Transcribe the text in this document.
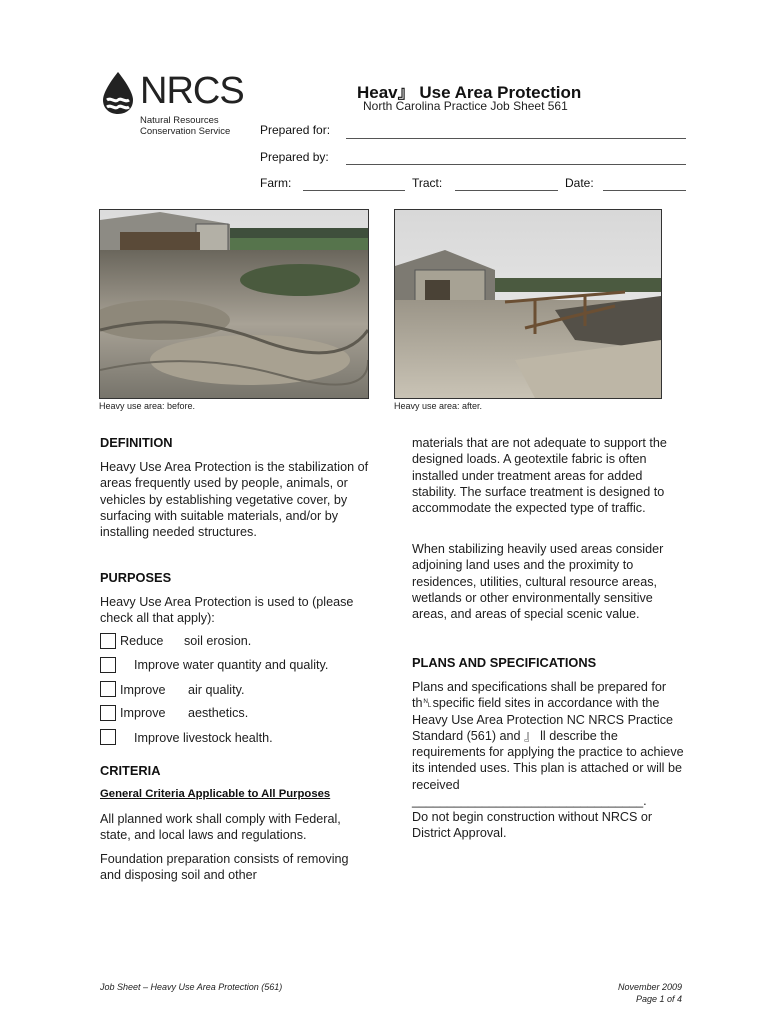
NRCS
Natural Resources
Conservation Service
Heav』 Use Area Protection
North Carolina Practice Job Sheet 561
Prepared for:
Prepared by:
Farm:	Tract:	Date:
Heavy use area: before.	Heavy use area: after.
DEFINITION

Heavy Use Area Protection is the stabilization of areas frequently used by people, animals, or vehicles by establishing vegetative cover, by surfacing with suitable materials, and/or by installing needed structures.

PURPOSES

Heavy Use Area Protection is used to (please check all that apply):

Reduce soil erosion.
Improve water quantity and quality.
Improve air quality.
Improve aesthetics.
Improve livestock health.
CRITERIA
General Criteria Applicable to All Purposes

All planned work shall comply with Federal, state, and local laws and regulations.

Foundation preparation consists of removing and disposing soil and other

materials that are not adequate to support the designed loads. A geotextile fabric is often installed under treatment areas for added stability. The surface treatment is designed to accommodate the expected type of traffic.

When stabilizing heavily used areas consider adjoining land uses and the proximity to residences, utilities, cultural resource areas, wetlands or other environmentally sensitive areas, and areas of special scenic value.

PLANS AND SPECIFICATIONS

Plans and specifications shall be prepared for th␤specific field sites in accordance with the Heavy Use Area Protection NC NRCS Practice Standard (561) and 』 ll describe the requirements for applying the practice to achieve its intended uses. This plan is attached or will be received

_________________________________.

Do not begin construction without NRCS or District Approval.

Job Sheet – Heavy Use Area Protection (561)	November 2009
Page 1 of 4
